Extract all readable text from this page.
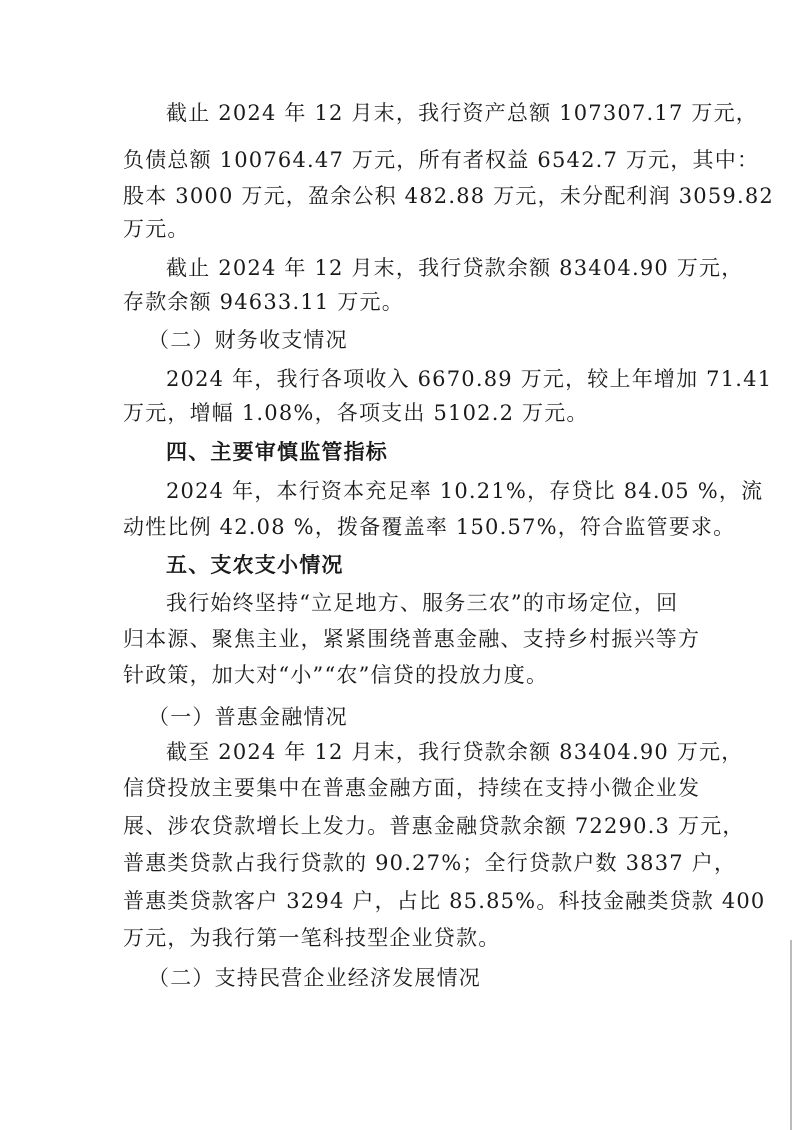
截止 2024 年 12 月末，我行资产总额 107307.17 万元，
负债总额 100764.47 万元，所有者权益 6542.7 万元，其中：
股本 3000 万元，盈余公积 482.88 万元，未分配利润 3059.82
万元。
截止 2024 年 12 月末，我行贷款余额 83404.90 万元，
存款余额 94633.11 万元。
（二）财务收支情况
2024 年，我行各项收入 6670.89 万元，较上年增加 71.41
万元，增幅 1.08%，各项支出 5102.2 万元。
四、主要审慎监管指标
2024 年，本行资本充足率 10.21%，存贷比 84.05 %，流
动性比例 42.08 %，拨备覆盖率 150.57%，符合监管要求。
五、支农支小情况
我行始终坚持“立足地方、服务三农”的市场定位，回
归本源、聚焦主业，紧紧围绕普惠金融、支持乡村振兴等方
针政策，加大对“小”“农”信贷的投放力度。
（一）普惠金融情况
截至 2024 年 12 月末，我行贷款余额 83404.90 万元，
信贷投放主要集中在普惠金融方面，持续在支持小微企业发
展、涉农贷款增长上发力。普惠金融贷款余额 72290.3 万元，
普惠类贷款占我行贷款的 90.27%；全行贷款户数 3837 户，
普惠类贷款客户 3294 户，占比 85.85%。科技金融类贷款 400
万元，为我行第一笔科技型企业贷款。
（二）支持民营企业经济发展情况
